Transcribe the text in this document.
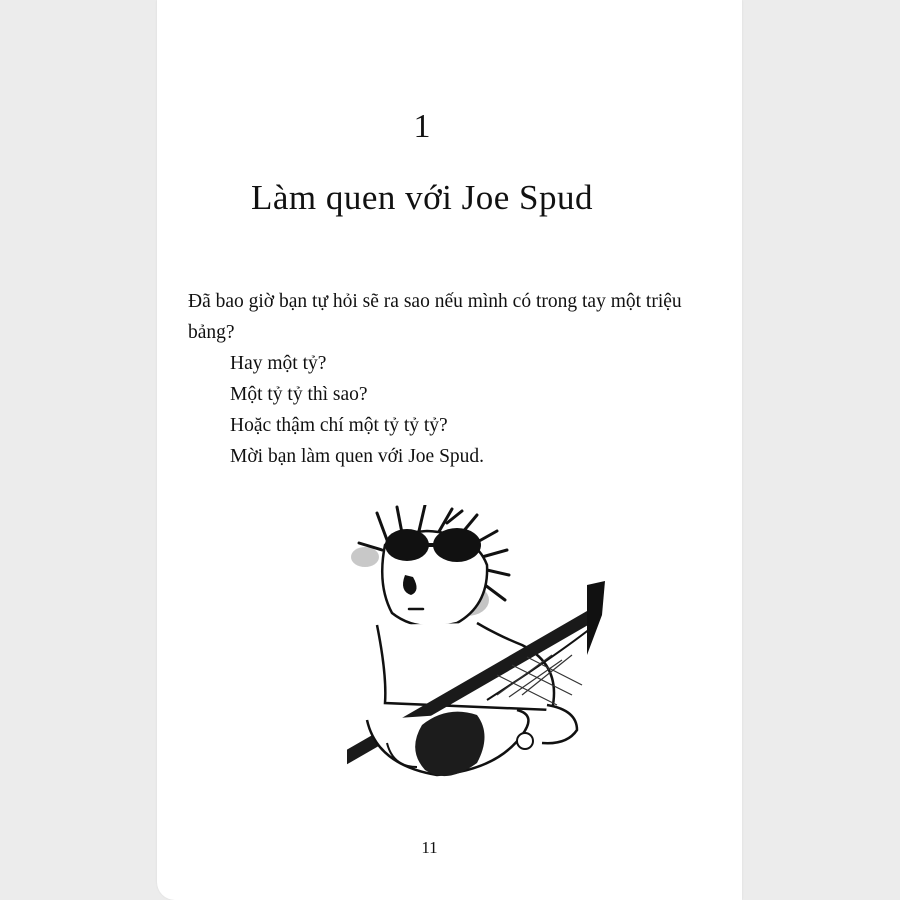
1
Làm quen với Joe Spud

Đã bao giờ bạn tự hỏi sẽ ra sao nếu mình có trong tay một triệu bảng?

Hay một tỷ?

Một tỷ tỷ thì sao?

Hoặc thậm chí một tỷ tỷ tỷ?

Mời bạn làm quen với Joe Spud.

11
